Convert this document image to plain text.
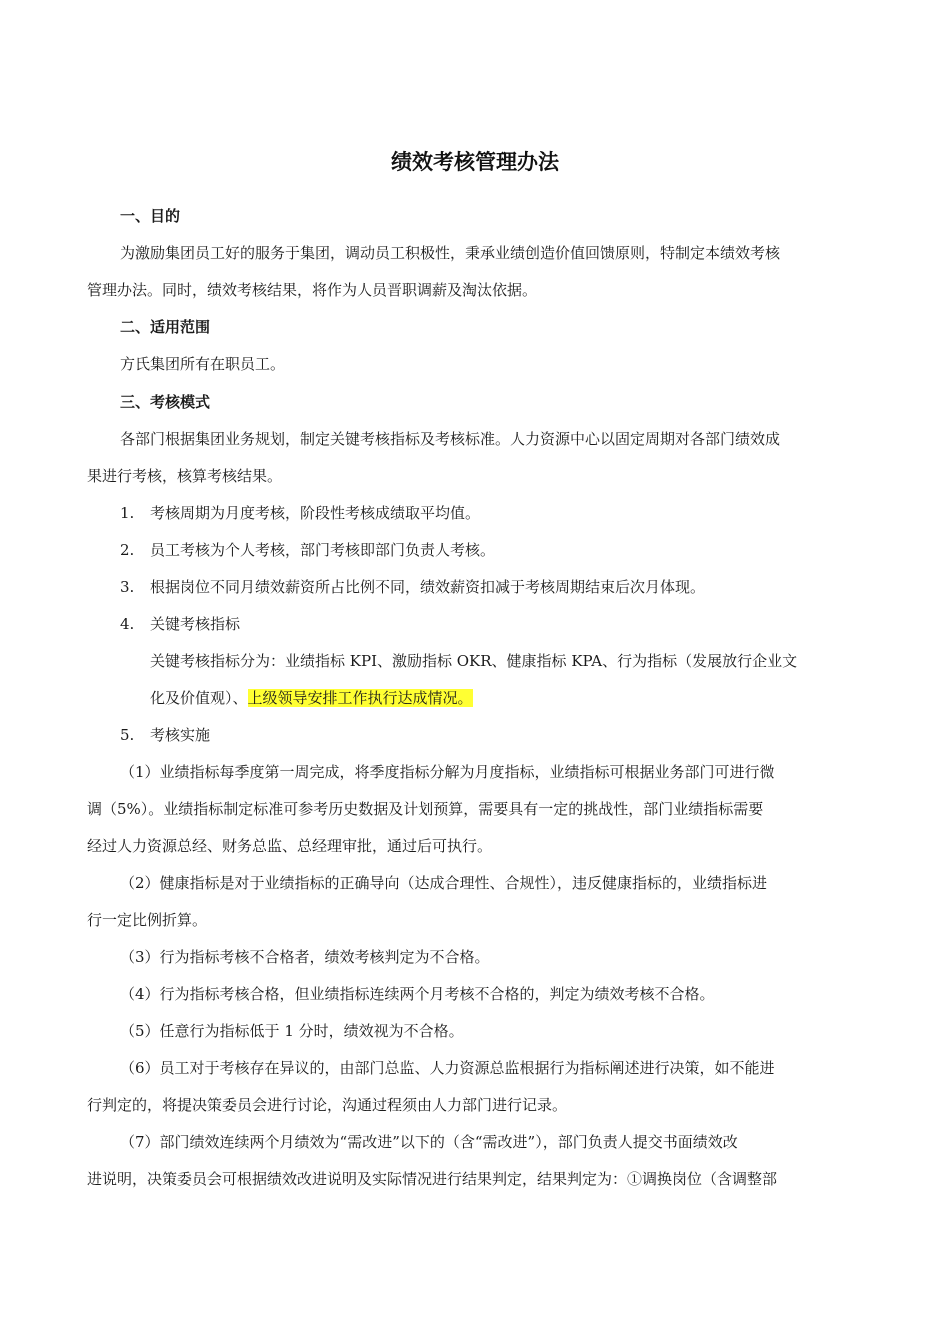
绩效考核管理办法
一、目的
为激励集团员工好的服务于集团，调动员工积极性，秉承业绩创造价值回馈原则，特制定本绩效考核
管理办法。同时，绩效考核结果，将作为人员晋职调薪及淘汰依据。
二、适用范围
方氏集团所有在职员工。
三、考核模式
各部门根据集团业务规划，制定关键考核指标及考核标准。人力资源中心以固定周期对各部门绩效成
果进行考核，核算考核结果。
1. 考核周期为月度考核，阶段性考核成绩取平均值。
2. 员工考核为个人考核，部门考核即部门负责人考核。
3. 根据岗位不同月绩效薪资所占比例不同，绩效薪资扣减于考核周期结束后次月体现。
4. 关键考核指标
关键考核指标分为：业绩指标 KPI、激励指标 OKR、健康指标 KPA、行为指标（发展放行企业文
化及价值观）、上级领导安排工作执行达成情况。
5. 考核实施
（1）业绩指标每季度第一周完成，将季度指标分解为月度指标，业绩指标可根据业务部门可进行微
调（5%）。业绩指标制定标准可参考历史数据及计划预算，需要具有一定的挑战性，部门业绩指标需要
经过人力资源总经、财务总监、总经理审批，通过后可执行。
（2）健康指标是对于业绩指标的正确导向（达成合理性、合规性），违反健康指标的，业绩指标进
行一定比例折算。
（3）行为指标考核不合格者，绩效考核判定为不合格。
（4）行为指标考核合格，但业绩指标连续两个月考核不合格的，判定为绩效考核不合格。
（5）任意行为指标低于 1 分时，绩效视为不合格。
（6）员工对于考核存在异议的，由部门总监、人力资源总监根据行为指标阐述进行决策，如不能进
行判定的，将提决策委员会进行讨论，沟通过程须由人力部门进行记录。
（7）部门绩效连续两个月绩效为“需改进”以下的（含“需改进”），部门负责人提交书面绩效改
进说明，决策委员会可根据绩效改进说明及实际情况进行结果判定，结果判定为：①调换岗位（含调整部
